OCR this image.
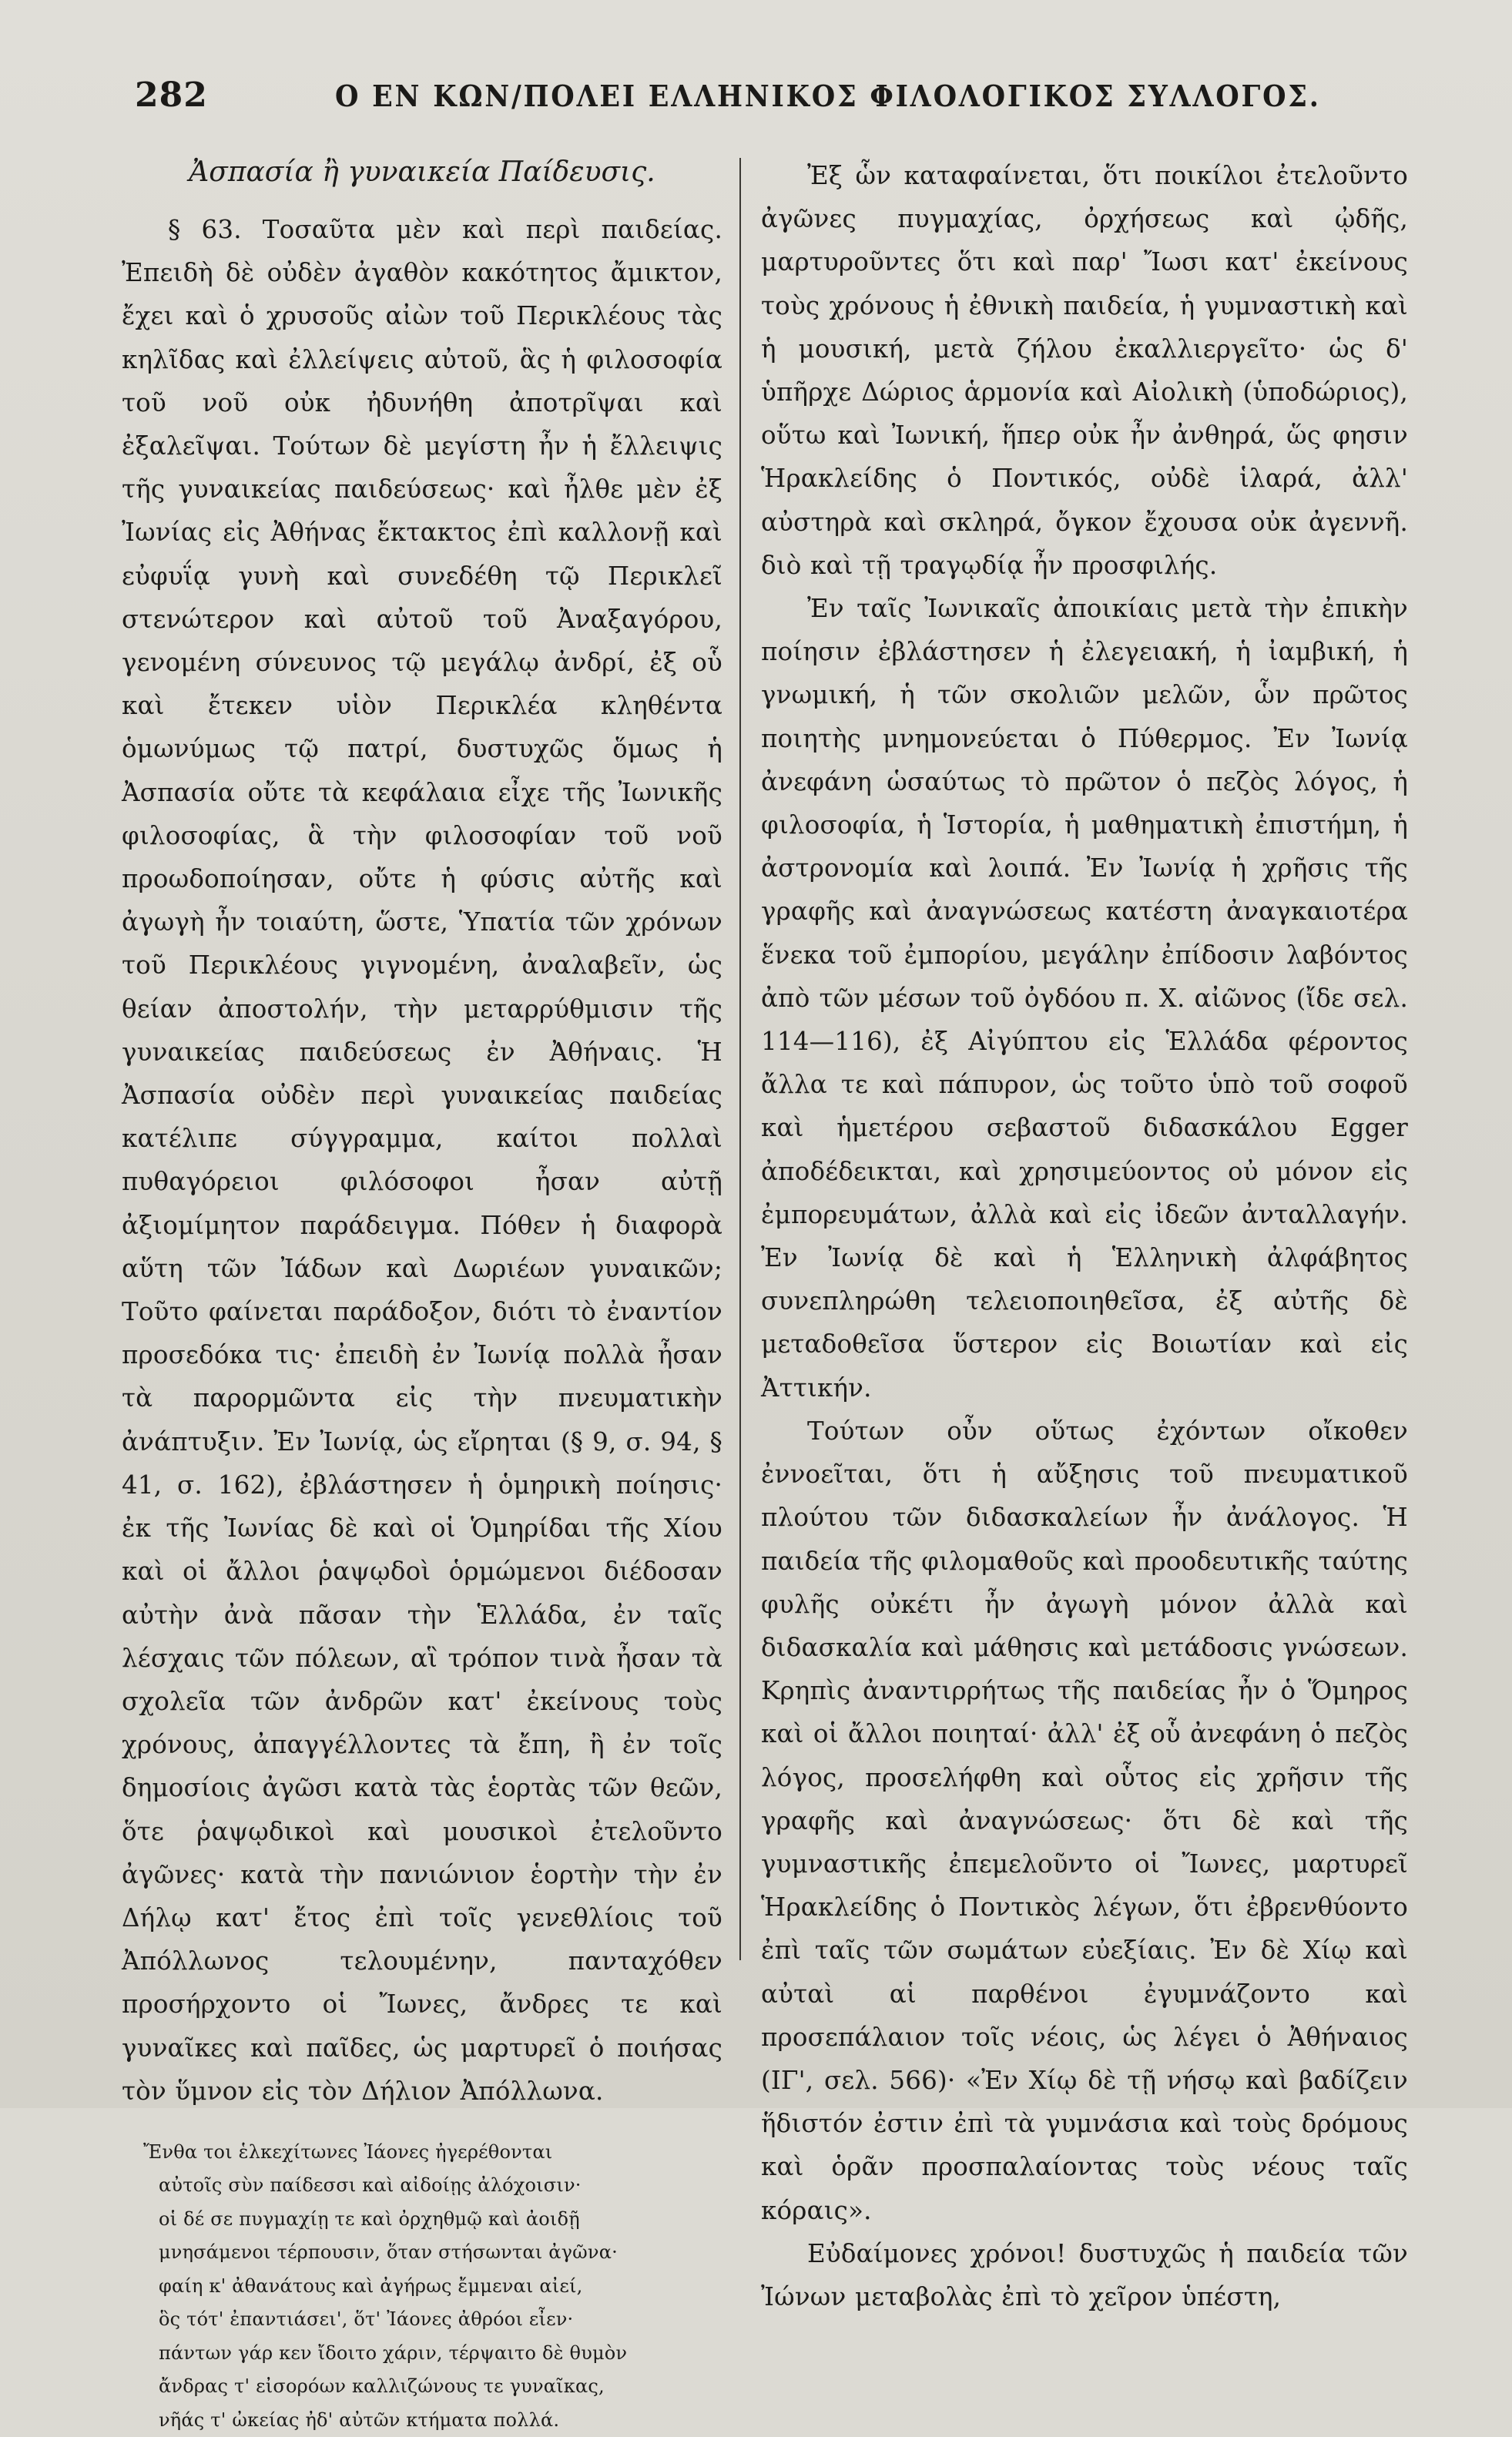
282	Ο ΕΝ ΚΩΝ/ΠΟΛΕΙ ΕΛΛΗΝΙΚΟΣ ΦΙΛΟΛΟΓΙΚΟΣ ΣΥΛΛΟΓΟΣ.
Ἀσπασία ἢ γυναικεία Παίδευσις.

§ 63. Τοσαῦτα μὲν καὶ περὶ παιδείας. Ἐπειδὴ δὲ οὐδὲν ἀγαθὸν κακότητος ἄμικτον, ἔχει καὶ ὁ χρυσοῦς αἰὼν τοῦ Περικλέους τὰς κηλῖδας καὶ ἐλλείψεις αὐτοῦ, ἃς ἡ φιλοσοφία τοῦ νοῦ οὐκ ἠδυνήθη ἀποτρῖψαι καὶ ἐξαλεῖψαι. Τούτων δὲ μεγίστη ἦν ἡ ἔλλειψις τῆς γυναικείας παιδεύσεως· καὶ ἦλθε μὲν ἐξ Ἰωνίας εἰς Ἀθήνας ἔκτακτος ἐπὶ καλλονῇ καὶ εὐφυΐᾳ γυνὴ καὶ συνεδέθη τῷ Περικλεῖ στενώτερον καὶ αὐτοῦ τοῦ Ἀναξαγόρου, γενομένη σύνευνος τῷ μεγάλῳ ἀνδρί, ἐξ οὗ καὶ ἔτεκεν υἱὸν Περικλέα κληθέντα ὁμωνύμως τῷ πατρί, δυστυχῶς ὅμως ἡ Ἀσπασία οὔτε τὰ κεφάλαια εἶχε τῆς Ἰωνικῆς φιλοσοφίας, ἃ τὴν φιλοσοφίαν τοῦ νοῦ προωδοποίησαν, οὔτε ἡ φύσις αὐτῆς καὶ ἀγωγὴ ἦν τοιαύτη, ὥστε, Ὑπατία τῶν χρόνων τοῦ Περικλέους γιγνομένη, ἀναλαβεῖν, ὡς θείαν ἀποστολήν, τὴν μεταρρύθμισιν τῆς γυναικείας παιδεύσεως ἐν Ἀθήναις. Ἡ Ἀσπασία οὐδὲν περὶ γυναικείας παιδείας κατέλιπε σύγγραμμα, καίτοι πολλαὶ πυθαγόρειοι φιλόσοφοι ἦσαν αὐτῇ ἀξιομίμητον παράδειγμα. Πόθεν ἡ διαφορὰ αὕτη τῶν Ἰάδων καὶ Δωριέων γυναικῶν; Τοῦτο φαίνεται παράδοξον, διότι τὸ ἐναντίον προσεδόκα τις· ἐπειδὴ ἐν Ἰωνίᾳ πολλὰ ἦσαν τὰ παρορμῶντα εἰς τὴν πνευματικὴν ἀνάπτυξιν. Ἐν Ἰωνίᾳ, ὡς εἴρηται (§ 9, σ. 94, § 41, σ. 162), ἐβλάστησεν ἡ ὁμηρικὴ ποίησις· ἐκ τῆς Ἰωνίας δὲ καὶ οἱ Ὁμηρίδαι τῆς Χίου καὶ οἱ ἄλλοι ῥαψῳδοὶ ὁρμώμενοι διέδοσαν αὐτὴν ἀνὰ πᾶσαν τὴν Ἑλλάδα, ἐν ταῖς λέσχαις τῶν πόλεων, αἳ τρόπον τινὰ ἦσαν τὰ σχολεῖα τῶν ἀνδρῶν κατ' ἐκείνους τοὺς χρόνους, ἀπαγγέλλοντες τὰ ἔπη, ἢ ἐν τοῖς δημοσίοις ἀγῶσι κατὰ τὰς ἑορτὰς τῶν θεῶν, ὅτε ῥαψῳδικοὶ καὶ μουσικοὶ ἐτελοῦντο ἀγῶνες· κατὰ τὴν πανιώνιον ἑορτὴν τὴν ἐν Δήλῳ κατ' ἔτος ἐπὶ τοῖς γενεθλίοις τοῦ Ἀπόλλωνος τελουμένην, πανταχόθεν προσήρχοντο οἱ Ἴωνες, ἄνδρες τε καὶ γυναῖκες καὶ παῖδες, ὡς μαρτυρεῖ ὁ ποιήσας τὸν ὕμνον εἰς τὸν Δήλιον Ἀπόλλωνα.

Ἔνθα τοι ἑλκεχίτωνες Ἰάονες ἠγερέθονται
αὐτοῖς σὺν παίδεσσι καὶ αἰδοίῃς ἀλόχοισιν·
οἱ δέ σε πυγμαχίῃ τε καὶ ὀρχηθμῷ καὶ ἀοιδῇ
μνησάμενοι τέρπουσιν, ὅταν στήσωνται ἀγῶνα·
φαίη κ' ἀθανάτους καὶ ἀγήρως ἔμμεναι αἰεί,
ὃς τότ' ἐπαντιάσει', ὅτ' Ἰάονες ἀθρόοι εἶεν·
πάντων γάρ κεν ἴδοιτο χάριν, τέρψαιτο δὲ θυμὸν
ἄνδρας τ' εἰσορόων καλλιζώνους τε γυναῖκας,
νῆάς τ' ὠκείας ἠδ' αὐτῶν κτήματα πολλά.

Ἐξ ὧν καταφαίνεται, ὅτι ποικίλοι ἐτελοῦντο ἀγῶνες πυγμαχίας, ὀρχήσεως καὶ ᾠδῆς, μαρτυροῦντες ὅτι καὶ παρ' Ἴωσι κατ' ἐκείνους τοὺς χρόνους ἡ ἐθνικὴ παιδεία, ἡ γυμναστικὴ καὶ ἡ μουσική, μετὰ ζήλου ἐκαλλιεργεῖτο· ὡς δ' ὑπῆρχε Δώριος ἁρμονία καὶ Αἰολικὴ (ὑποδώριος), οὕτω καὶ Ἰωνική, ἥπερ οὐκ ἦν ἀνθηρά, ὥς φησιν Ἡρακλείδης ὁ Ποντικός, οὐδὲ ἱλαρά, ἀλλ' αὐστηρὰ καὶ σκληρά, ὄγκον ἔχουσα οὐκ ἀγεννῆ. διὸ καὶ τῇ τραγῳδίᾳ ἦν προσφιλής.

Ἐν ταῖς Ἰωνικαῖς ἀποικίαις μετὰ τὴν ἐπικὴν ποίησιν ἐβλάστησεν ἡ ἐλεγειακή, ἡ ἰαμβική, ἡ γνωμική, ἡ τῶν σκολιῶν μελῶν, ὧν πρῶτος ποιητὴς μνημονεύεται ὁ Πύθερμος. Ἐν Ἰωνίᾳ ἀνεφάνη ὡσαύτως τὸ πρῶτον ὁ πεζὸς λόγος, ἡ φιλοσοφία, ἡ Ἱστορία, ἡ μαθηματικὴ ἐπιστήμη, ἡ ἀστρονομία καὶ λοιπά. Ἐν Ἰωνίᾳ ἡ χρῆσις τῆς γραφῆς καὶ ἀναγνώσεως κατέστη ἀναγκαιοτέρα ἕνεκα τοῦ ἐμπορίου, μεγάλην ἐπίδοσιν λαβόντος ἀπὸ τῶν μέσων τοῦ ὀγδόου π. Χ. αἰῶνος (ἴδε σελ. 114—116), ἐξ Αἰγύπτου εἰς Ἑλλάδα φέροντος ἄλλα τε καὶ πάπυρον, ὡς τοῦτο ὑπὸ τοῦ σοφοῦ καὶ ἡμετέρου σεβαστοῦ διδασκάλου Egger ἀποδέδεικται, καὶ χρησιμεύοντος οὐ μόνον εἰς ἐμπορευμάτων, ἀλλὰ καὶ εἰς ἰδεῶν ἀνταλλαγήν. Ἐν Ἰωνίᾳ δὲ καὶ ἡ Ἑλληνικὴ ἀλφάβητος συνεπληρώθη τελειοποιηθεῖσα, ἐξ αὐτῆς δὲ μεταδοθεῖσα ὕστερον εἰς Βοιωτίαν καὶ εἰς Ἀττικήν.

Τούτων οὖν οὕτως ἐχόντων οἴκοθεν ἐννοεῖται, ὅτι ἡ αὔξησις τοῦ πνευματικοῦ πλούτου τῶν διδασκαλείων ἦν ἀνάλογος. Ἡ παιδεία τῆς φιλομαθοῦς καὶ προοδευτικῆς ταύτης φυλῆς οὐκέτι ἦν ἀγωγὴ μόνον ἀλλὰ καὶ διδασκαλία καὶ μάθησις καὶ μετάδοσις γνώσεων. Κρηπὶς ἀναντιρρήτως τῆς παιδείας ἦν ὁ Ὅμηρος καὶ οἱ ἄλλοι ποιηταί· ἀλλ' ἐξ οὗ ἀνεφάνη ὁ πεζὸς λόγος, προσελήφθη καὶ οὗτος εἰς χρῆσιν τῆς γραφῆς καὶ ἀναγνώσεως· ὅτι δὲ καὶ τῆς γυμναστικῆς ἐπεμελοῦντο οἱ Ἴωνες, μαρτυρεῖ Ἡρακλείδης ὁ Ποντικὸς λέγων, ὅτι ἐβρενθύοντο ἐπὶ ταῖς τῶν σωμάτων εὐεξίαις. Ἐν δὲ Χίῳ καὶ αὐταὶ αἱ παρθένοι ἐγυμνάζοντο καὶ προσεπάλαιον τοῖς νέοις, ὡς λέγει ὁ Ἀθήναιος (ΙΓ', σελ. 566)· «Ἐν Χίῳ δὲ τῇ νήσῳ καὶ βαδίζειν ἥδιστόν ἐστιν ἐπὶ τὰ γυμνάσια καὶ τοὺς δρόμους καὶ ὁρᾶν προσπαλαίοντας τοὺς νέους ταῖς κόραις».

Εὐδαίμονες χρόνοι! δυστυχῶς ἡ παιδεία τῶν Ἰώνων μεταβολὰς ἐπὶ τὸ χεῖρον ὑπέστη,
